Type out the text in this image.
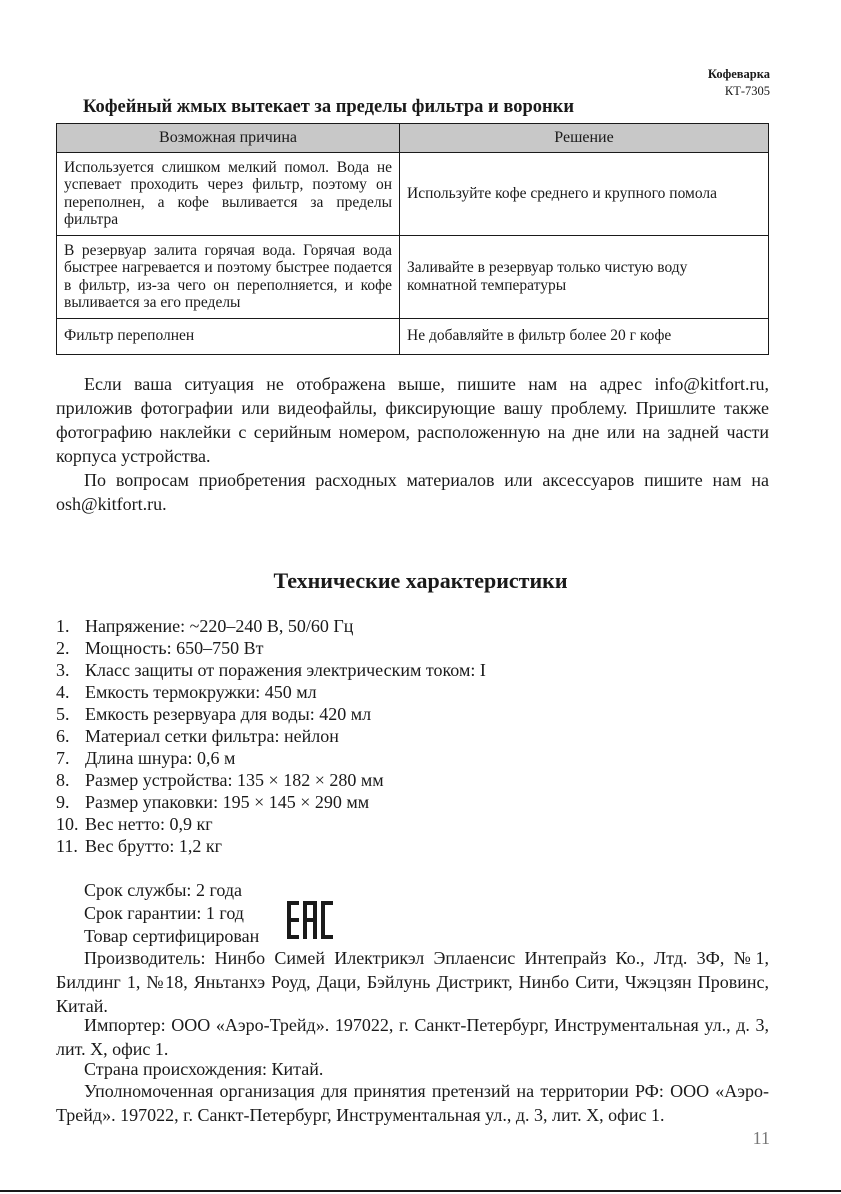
Кофеварка
КТ-7305
Кофейный жмых вытекает за пределы фильтра и воронки
Возможная причина	Решение
Используется слишком мелкий помол. Вода не успевает проходить через фильтр, поэтому он переполнен, а кофе выливается за пределы фильтра	Используйте кофе среднего и крупного помола
В резервуар залита горячая вода. Горячая вода быстрее нагревается и поэтому быстрее подается в фильтр, из-за чего он переполняется, и кофе выливается за его пределы	Заливайте в резервуар только чистую воду комнатной температуры
Фильтр переполнен	Не добавляйте в фильтр более 20 г кофе
Если ваша ситуация не отображена выше, пишите нам на адрес info@kitfort.ru, приложив фотографии или видеофайлы, фиксирующие вашу проблему. Пришлите также фотографию наклейки с серийным номером, расположенную на дне или на задней части корпуса устройства.
По вопросам приобретения расходных материалов или аксессуаров пишите нам на osh@kitfort.ru.
Технические характеристики
1. Напряжение: ~220–240 В, 50/60 Гц
2. Мощность: 650–750 Вт
3. Класс защиты от поражения электрическим током: I
4. Емкость термокружки: 450 мл
5. Емкость резервуара для воды: 420 мл
6. Материал сетки фильтра: нейлон
7. Длина шнура: 0,6 м
8. Размер устройства: 135 × 182 × 280 мм
9. Размер упаковки: 195 × 145 × 290 мм
10. Вес нетто: 0,9 кг
11. Вес брутто: 1,2 кг
Срок службы: 2 года
Срок гарантии: 1 год
Товар сертифицирован
Производитель: Нинбо Симей Илектрикэл Эплаенсис Интепрайз Ко., Лтд. 3Ф, №1, Билдинг 1, №18, Яньтанхэ Роуд, Даци, Бэйлунь Дистрикт, Нинбо Сити, Чжэцзян Провинс, Китай.
Импортер: ООО «Аэро-Трейд». 197022, г. Санкт-Петербург, Инструментальная ул., д. 3, лит. Х, офис 1.
Страна происхождения: Китай.
Уполномоченная организация для принятия претензий на территории РФ: ООО «Аэро-Трейд». 197022, г. Санкт-Петербург, Инструментальная ул., д. 3, лит. Х, офис 1.
11
